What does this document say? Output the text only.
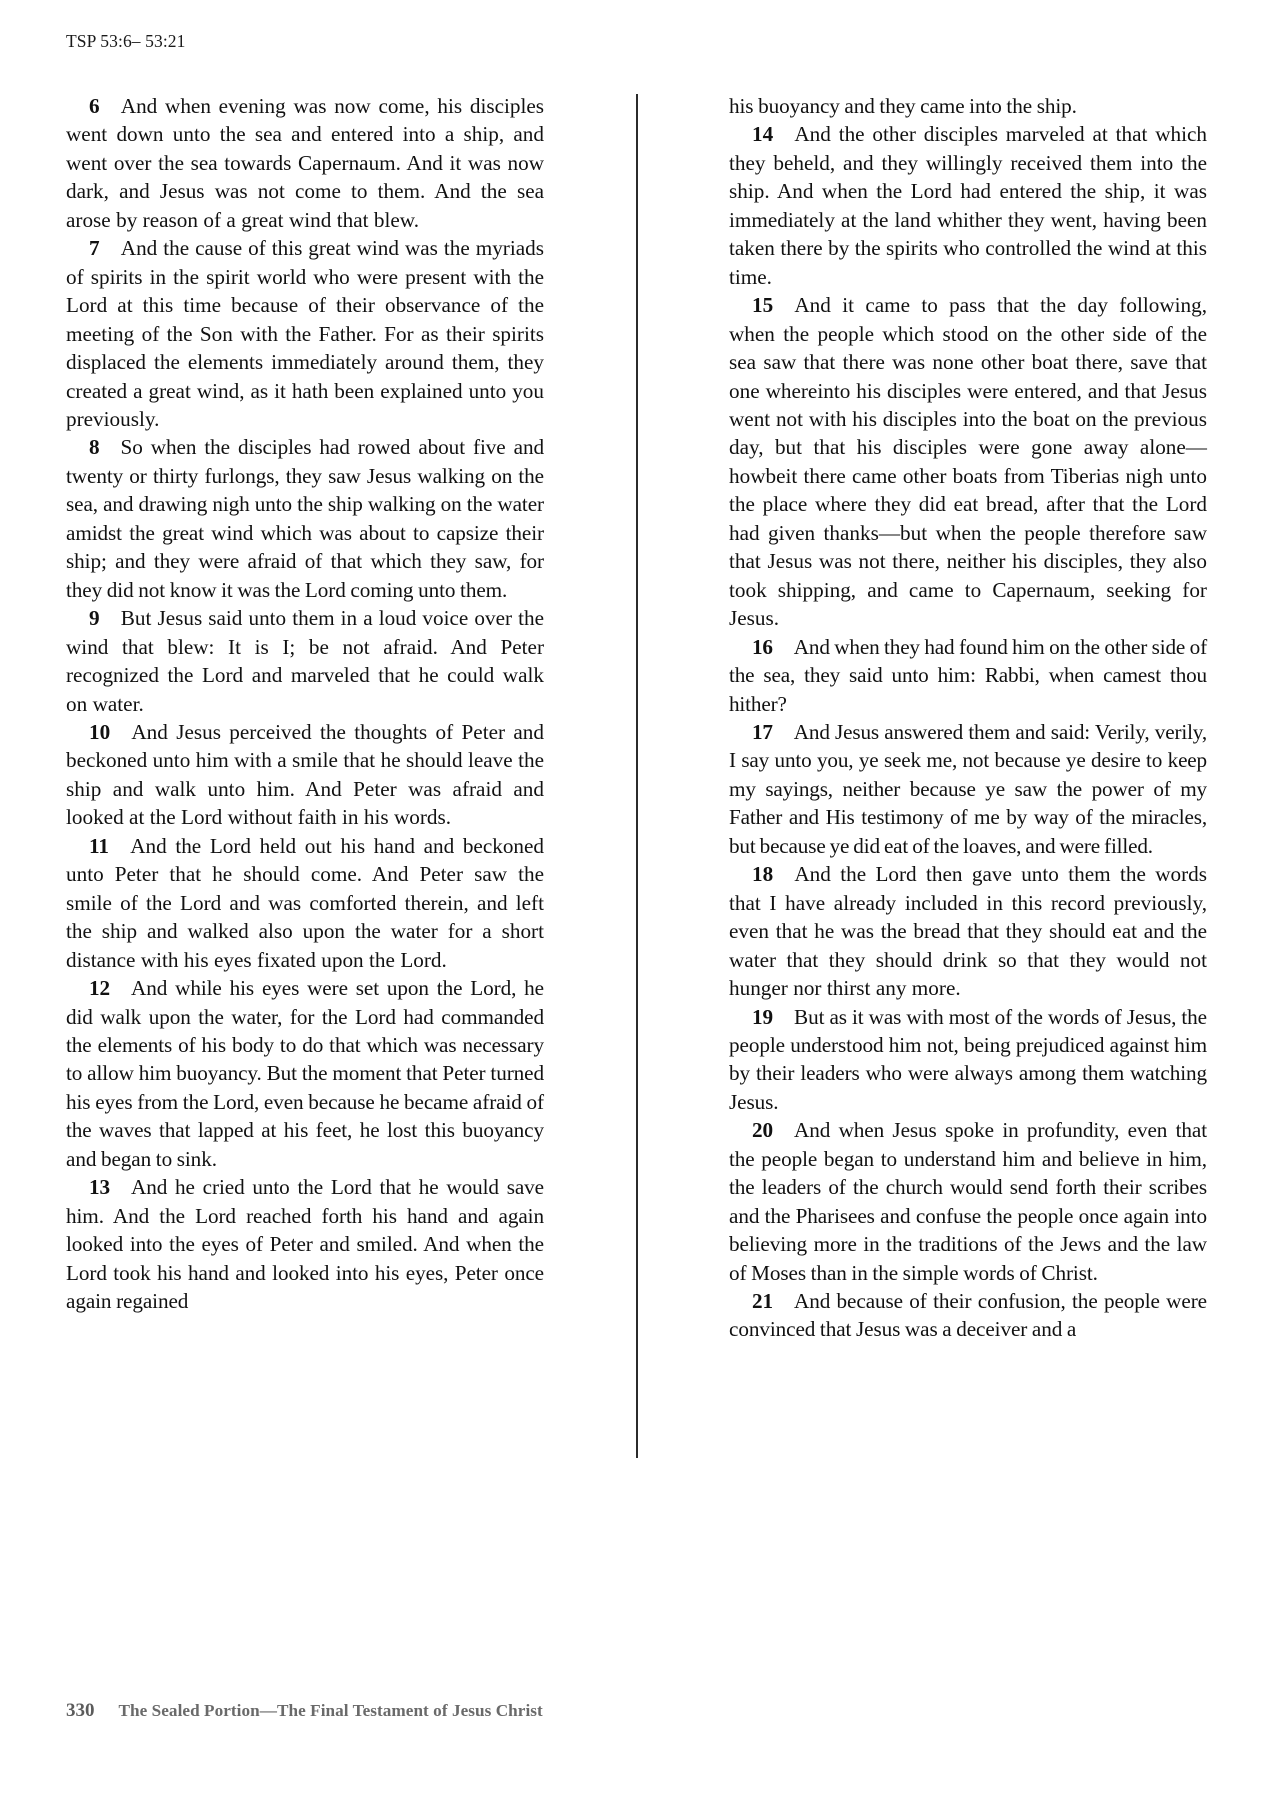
TSP 53:6– 53:21

6   And when evening was now come, his disciples went down unto the sea and entered into a ship, and went over the sea towards Capernaum. And it was now dark, and Jesus was not come to them. And the sea arose by reason of a great wind that blew.

7   And the cause of this great wind was the myriads of spirits in the spirit world who were present with the Lord at this time because of their observance of the meeting of the Son with the Father. For as their spirits displaced the elements immediately around them, they created a great wind, as it hath been explained unto you previously.

8   So when the disciples had rowed about five and twenty or thirty furlongs, they saw Jesus walking on the sea, and drawing nigh unto the ship walking on the water amidst the great wind which was about to capsize their ship; and they were afraid of that which they saw, for they did not know it was the Lord coming unto them.

9   But Jesus said unto them in a loud voice over the wind that blew: It is I; be not afraid. And Peter recognized the Lord and marveled that he could walk on water.

10   And Jesus perceived the thoughts of Peter and beckoned unto him with a smile that he should leave the ship and walk unto him. And Peter was afraid and looked at the Lord without faith in his words.

11   And the Lord held out his hand and beckoned unto Peter that he should come. And Peter saw the smile of the Lord and was comforted therein, and left the ship and walked also upon the water for a short distance with his eyes fixated upon the Lord.

12   And while his eyes were set upon the Lord, he did walk upon the water, for the Lord had commanded the elements of his body to do that which was necessary to allow him buoyancy. But the moment that Peter turned his eyes from the Lord, even because he became afraid of the waves that lapped at his feet, he lost this buoyancy and began to sink.

13   And he cried unto the Lord that he would save him. And the Lord reached forth his hand and again looked into the eyes of Peter and smiled. And when the Lord took his hand and looked into his eyes, Peter once again regained

his buoyancy and they came into the ship.

14   And the other disciples marveled at that which they beheld, and they willingly received them into the ship. And when the Lord had entered the ship, it was immediately at the land whither they went, having been taken there by the spirits who controlled the wind at this time.

15   And it came to pass that the day following, when the people which stood on the other side of the sea saw that there was none other boat there, save that one whereinto his disciples were entered, and that Jesus went not with his disciples into the boat on the previous day, but that his disciples were gone away alone—howbeit there came other boats from Tiberias nigh unto the place where they did eat bread, after that the Lord had given thanks—but when the people therefore saw that Jesus was not there, neither his disciples, they also took shipping, and came to Capernaum, seeking for Jesus.

16   And when they had found him on the other side of the sea, they said unto him: Rabbi, when camest thou hither?

17   And Jesus answered them and said: Verily, verily, I say unto you, ye seek me, not because ye desire to keep my sayings, neither because ye saw the power of my Father and His testimony of me by way of the miracles, but because ye did eat of the loaves, and were filled.

18   And the Lord then gave unto them the words that I have already included in this record previously, even that he was the bread that they should eat and the water that they should drink so that they would not hunger nor thirst any more.

19   But as it was with most of the words of Jesus, the people understood him not, being prejudiced against him by their leaders who were always among them watching Jesus.

20   And when Jesus spoke in profundity, even that the people began to understand him and believe in him, the leaders of the church would send forth their scribes and the Pharisees and confuse the people once again into believing more in the traditions of the Jews and the law of Moses than in the simple words of Christ.

21   And because of their confusion, the people were convinced that Jesus was a deceiver and a

330 The Sealed Portion—The Final Testament of Jesus Christ
